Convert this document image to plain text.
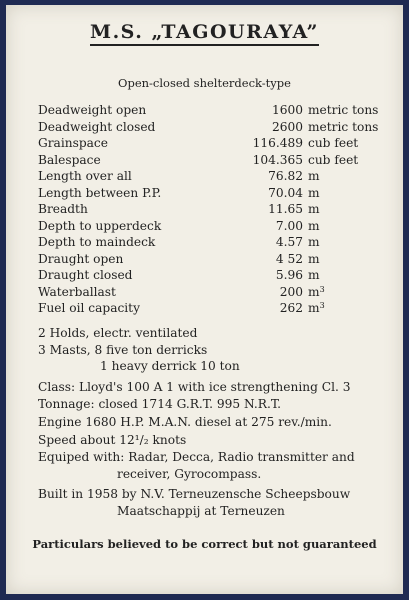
M.S. „TAGOURAYA”
Open-closed shelterdeck-type
Deadweight open	1600 metric tons
Deadweight closed	2600 metric tons
Grainspace	116.489 cub feet
Balespace	104.365 cub feet
Length over all	76.82 m
Length between P.P.	70.04 m
Breadth	11.65 m
Depth to upperdeck	7.00 m
Depth to maindeck	4.57 m
Draught open	4 52 m
Draught closed	5.96 m
Waterballast	200 $m^3$
Fuel oil capacity	262 $m^3$

2 Holds, electr. ventilated

3 Masts, 8 five ton derricks

1 heavy derrick 10 ton

Class: Lloyd's 100 A 1 with ice strengthening Cl. 3
Tonnage: closed 1714 G.R.T. 995 N.R.T.
Engine 1680 H.P. M.A.N. diesel at 275 rev./min.
Speed about 12¹/₂ knots

Equiped with: Radar, Decca, Radio transmitter and

receiver, Gyrocompass.

Built in 1958 by N.V. Terneuzensche Scheepsbouw

Maatschappij at Terneuzen

Particulars believed to be correct but not guaranteed
